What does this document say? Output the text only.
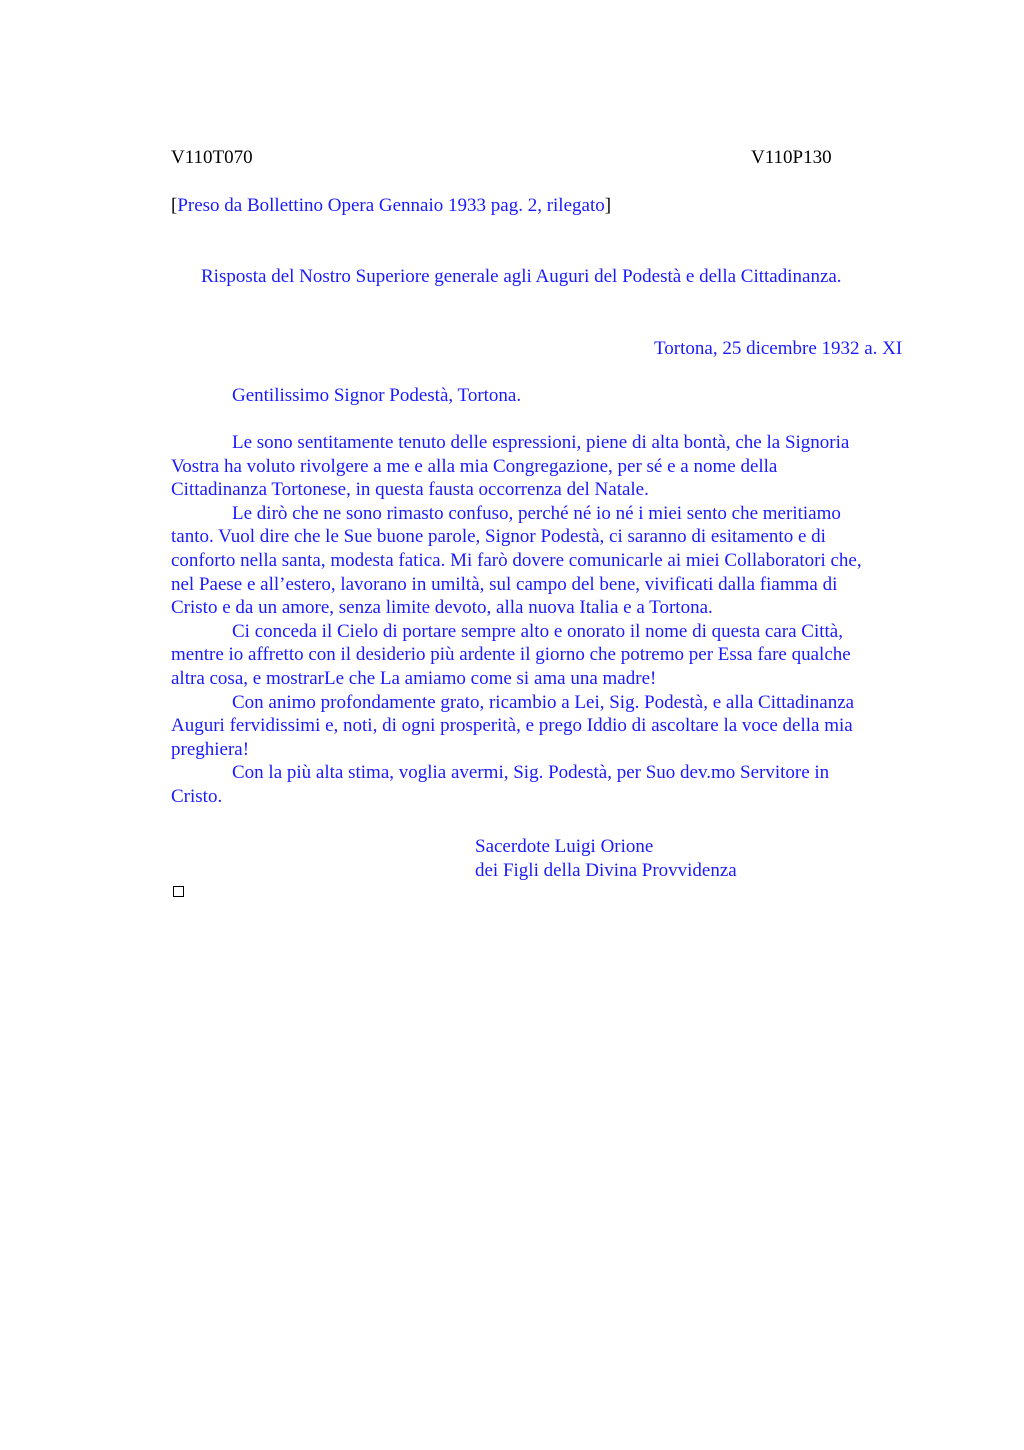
V110T070	V110P130
[Preso da Bollettino Opera Gennaio 1933 pag. 2, rilegato]
Risposta del Nostro Superiore generale agli Auguri del Podestà e della Cittadinanza.
Tortona, 25 dicembre 1932 a. XI
Gentilissimo Signor Podestà, Tortona.
Le sono sentitamente tenuto delle espressioni, piene di alta bontà, che la Signoria
Vostra ha voluto rivolgere a me e alla mia Congregazione, per sé e a nome della
Cittadinanza Tortonese, in questa fausta occorrenza del Natale.
Le dirò che ne sono rimasto confuso, perché né io né i miei sento che meritiamo
tanto. Vuol dire che le Sue buone parole, Signor Podestà, ci saranno di esitamento e di
conforto nella santa, modesta fatica. Mi farò dovere comunicarle ai miei Collaboratori che,
nel Paese e all’estero, lavorano in umiltà, sul campo del bene, vivificati dalla fiamma di
Cristo e da un amore, senza limite devoto, alla nuova Italia e a Tortona.
Ci conceda il Cielo di portare sempre alto e onorato il nome di questa cara Città,
mentre io affretto con il desiderio più ardente il giorno che potremo per Essa fare qualche
altra cosa, e mostrarLe che La amiamo come si ama una madre!
Con animo profondamente grato, ricambio a Lei, Sig. Podestà, e alla Cittadinanza
Auguri fervidissimi e, noti, di ogni prosperità, e prego Iddio di ascoltare la voce della mia
preghiera!
Con la più alta stima, voglia avermi, Sig. Podestà, per Suo dev.mo Servitore in
Cristo.
Sacerdote Luigi Orione
dei Figli della Divina Provvidenza
